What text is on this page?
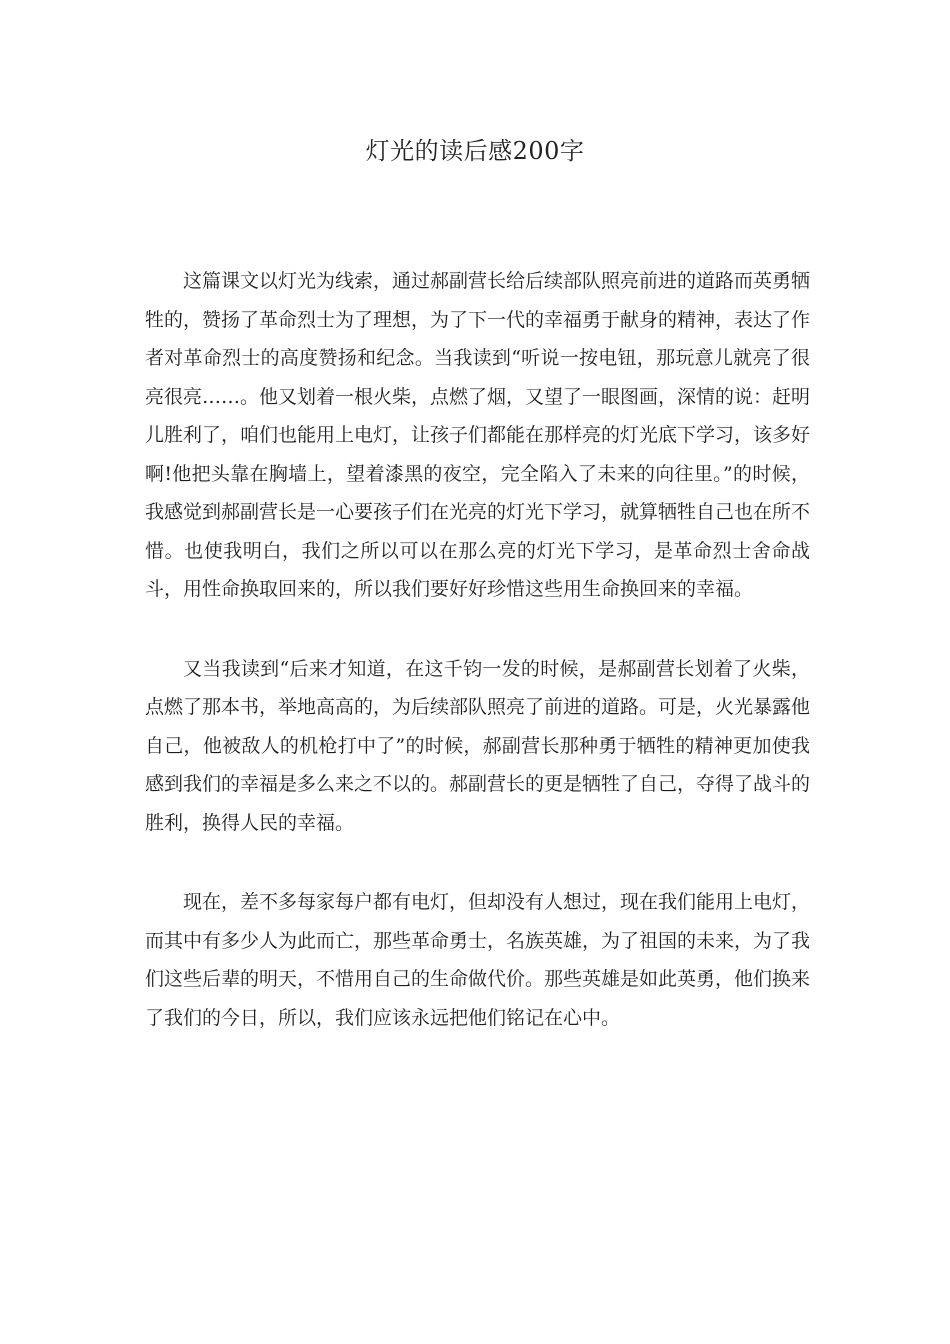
灯光的读后感200字

这篇课文以灯光为线索，通过郝副营长给后续部队照亮前进的道路而英勇牺牲的，赞扬了革命烈士为了理想，为了下一代的幸福勇于献身的精神，表达了作者对革命烈士的高度赞扬和纪念。当我读到“听说一按电钮，那玩意儿就亮了很亮很亮……。他又划着一根火柴，点燃了烟，又望了一眼图画，深情的说：赶明儿胜利了，咱们也能用上电灯，让孩子们都能在那样亮的灯光底下学习，该多好啊!他把头靠在胸墙上，望着漆黑的夜空，完全陷入了未来的向往里。”的时候，我感觉到郝副营长是一心要孩子们在光亮的灯光下学习，就算牺牲自己也在所不惜。也使我明白，我们之所以可以在那么亮的灯光下学习，是革命烈士舍命战斗，用性命换取回来的，所以我们要好好珍惜这些用生命换回来的幸福。

又当我读到“后来才知道，在这千钧一发的时候，是郝副营长划着了火柴，点燃了那本书，举地高高的，为后续部队照亮了前进的道路。可是，火光暴露他自己，他被敌人的机枪打中了”的时候，郝副营长那种勇于牺牲的精神更加使我感到我们的幸福是多么来之不以的。郝副营长的更是牺牲了自己，夺得了战斗的胜利，换得人民的幸福。

现在，差不多每家每户都有电灯，但却没有人想过，现在我们能用上电灯，而其中有多少人为此而亡，那些革命勇士，名族英雄，为了祖国的未来，为了我们这些后辈的明天，不惜用自己的生命做代价。那些英雄是如此英勇，他们换来了我们的今日，所以，我们应该永远把他们铭记在心中。
